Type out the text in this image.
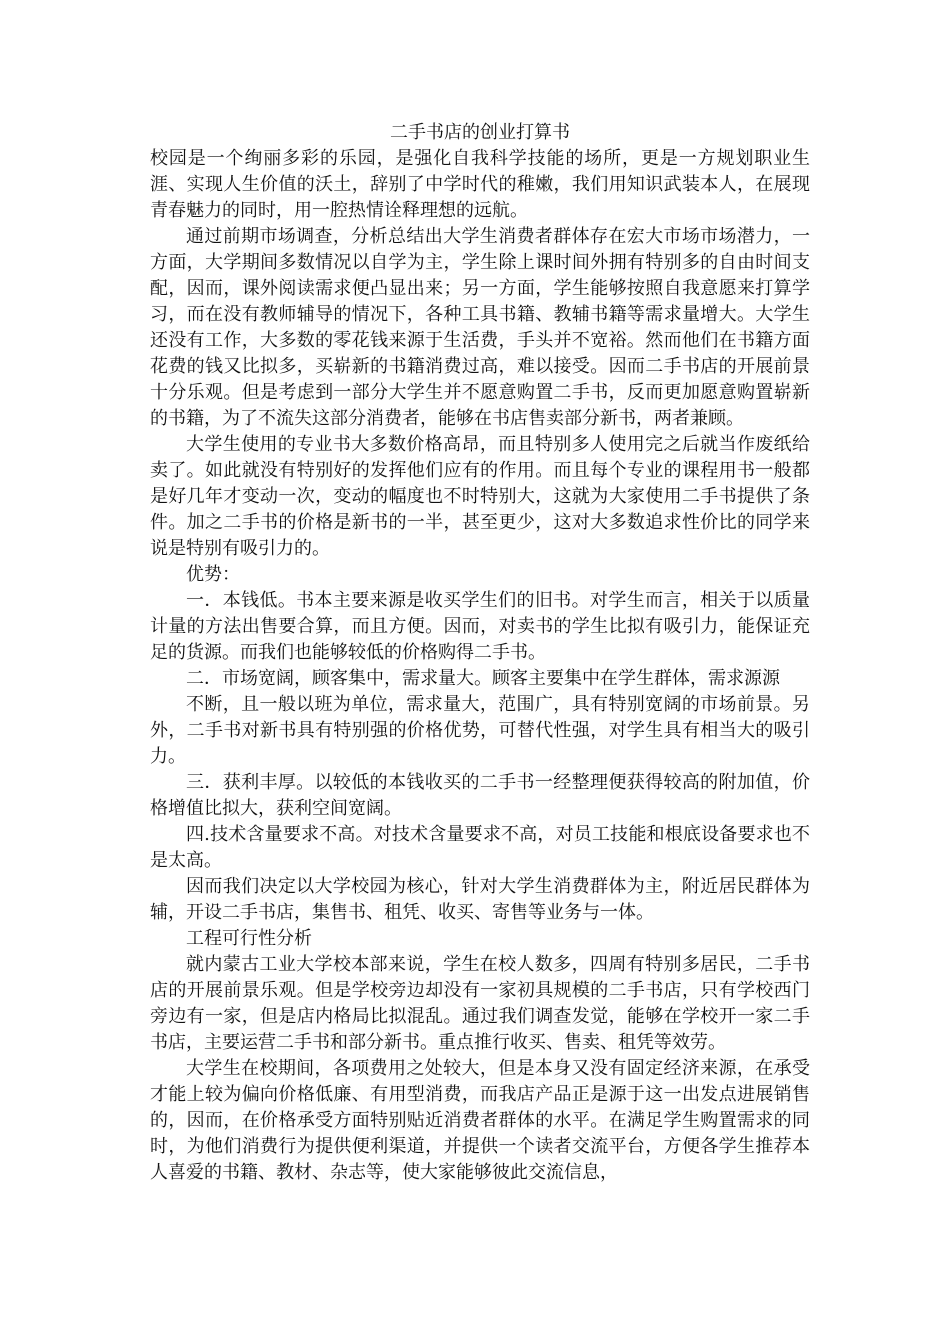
二手书店的创业打算书

校园是一个绚丽多彩的乐园，是强化自我科学技能的场所，更是一方规划职业生涯、实现人生价值的沃土，辞别了中学时代的稚嫩，我们用知识武装本人，在展现青春魅力的同时，用一腔热情诠释理想的远航。

通过前期市场调查，分析总结出大学生消费者群体存在宏大市场市场潜力，一方面，大学期间多数情况以自学为主，学生除上课时间外拥有特别多的自由时间支配，因而，课外阅读需求便凸显出来；另一方面，学生能够按照自我意愿来打算学习，而在没有教师辅导的情况下，各种工具书籍、教辅书籍等需求量增大。大学生还没有工作，大多数的零花钱来源于生活费，手头并不宽裕。然而他们在书籍方面花费的钱又比拟多，买崭新的书籍消费过高，难以接受。因而二手书店的开展前景十分乐观。但是考虑到一部分大学生并不愿意购置二手书，反而更加愿意购置崭新的书籍，为了不流失这部分消费者，能够在书店售卖部分新书，两者兼顾。

大学生使用的专业书大多数价格高昂，而且特别多人使用完之后就当作废纸给卖了。如此就没有特别好的发挥他们应有的作用。而且每个专业的课程用书一般都是好几年才变动一次，变动的幅度也不时特别大，这就为大家使用二手书提供了条件。加之二手书的价格是新书的一半，甚至更少，这对大多数追求性价比的同学来说是特别有吸引力的。

优势：

一．本钱低。书本主要来源是收买学生们的旧书。对学生而言，相关于以质量计量的方法出售要合算，而且方便。因而，对卖书的学生比拟有吸引力，能保证充足的货源。而我们也能够较低的价格购得二手书。

二．市场宽阔，顾客集中，需求量大。顾客主要集中在学生群体，需求源源

不断，且一般以班为单位，需求量大，范围广，具有特别宽阔的市场前景。另外，二手书对新书具有特别强的价格优势，可替代性强，对学生具有相当大的吸引力。

三．获利丰厚。以较低的本钱收买的二手书一经整理便获得较高的附加值，价格增值比拟大，获利空间宽阔。

四.技术含量要求不高。对技术含量要求不高，对员工技能和根底设备要求也不是太高。

因而我们决定以大学校园为核心，针对大学生消费群体为主，附近居民群体为辅，开设二手书店，集售书、租凭、收买、寄售等业务与一体。

工程可行性分析

就内蒙古工业大学校本部来说，学生在校人数多，四周有特别多居民，二手书店的开展前景乐观。但是学校旁边却没有一家初具规模的二手书店，只有学校西门旁边有一家，但是店内格局比拟混乱。通过我们调查发觉，能够在学校开一家二手书店，主要运营二手书和部分新书。重点推行收买、售卖、租凭等效劳。

大学生在校期间，各项费用之处较大，但是本身又没有固定经济来源，在承受才能上较为偏向价格低廉、有用型消费，而我店产品正是源于这一出发点进展销售的，因而，在价格承受方面特别贴近消费者群体的水平。在满足学生购置需求的同时，为他们消费行为提供便利渠道，并提供一个读者交流平台，方便各学生推荐本人喜爱的书籍、教材、杂志等，使大家能够彼此交流信息，
